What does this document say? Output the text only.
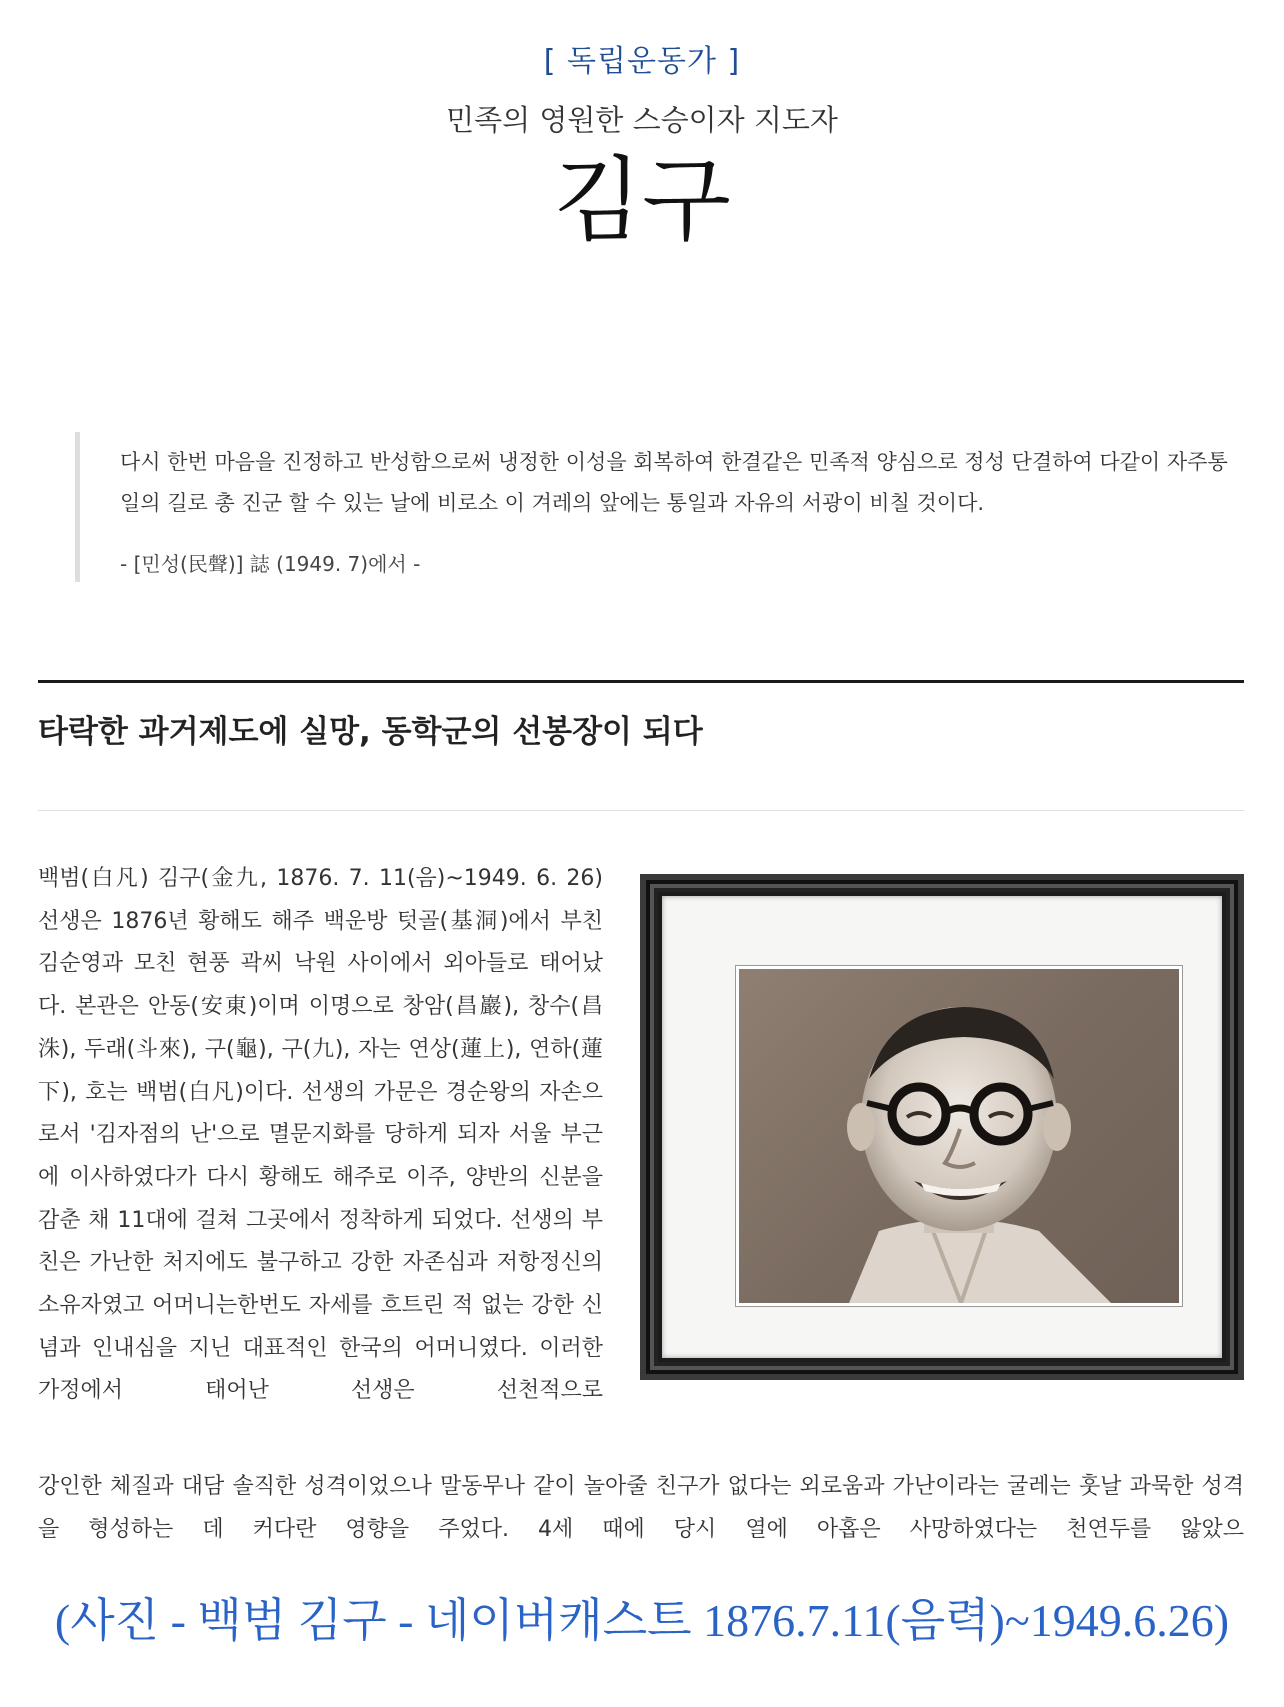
[ 독립운동가 ]
민족의 영원한 스승이자 지도자
김구
다시 한번 마음을 진정하고 반성함으로써 냉정한 이성을 회복하여 한결같은 민족적 양심으로 정성 단결하여 다같이 자주통일의 길로 총 진군 할 수 있는 날에 비로소 이 겨레의 앞에는 통일과 자유의 서광이 비칠 것이다.
- [민성(民聲)] 誌 (1949. 7)에서 -
타락한 과거제도에 실망, 동학군의 선봉장이 되다
백범(白凡) 김구(金九, 1876. 7. 11(음)~1949. 6. 26) 선생은 1876년 황해도 해주 백운방 텃골(基洞)에서 부친 김순영과 모친 현풍 곽씨 낙원 사이에서 외아들로 태어났다. 본관은 안동(安東)이며 이명으로 창암(昌巖), 창수(昌洙), 두래(斗來), 구(龜), 구(九), 자는 연상(蓮上), 연하(蓮下), 호는 백범(白凡)이다. 선생의 가문은 경순왕의 자손으로서 '김자점의 난'으로 멸문지화를 당하게 되자 서울 부근에 이사하였다가 다시 황해도 해주로 이주, 양반의 신분을 감춘 채 11대에 걸쳐 그곳에서 정착하게 되었다. 선생의 부친은 가난한 처지에도 불구하고 강한 자존심과 저항정신의 소유자였고 어머니는한번도 자세를 흐트린 적 없는 강한 신념과 인내심을 지닌 대표적인 한국의 어머니였다. 이러한 가정에서 태어난 선생은 선천적으로
강인한 체질과 대담 솔직한 성격이었으나 말동무나 같이 놀아줄 친구가 없다는 외로움과 가난이라는 굴레는 훗날 과묵한 성격을 형성하는 데 커다란 영향을 주었다. 4세 때에 당시 열에 아홉은 사망하였다는 천연두를 앓았으
(사진 - 백범 김구 - 네이버캐스트 1876.7.11(음력)~1949.6.26)
